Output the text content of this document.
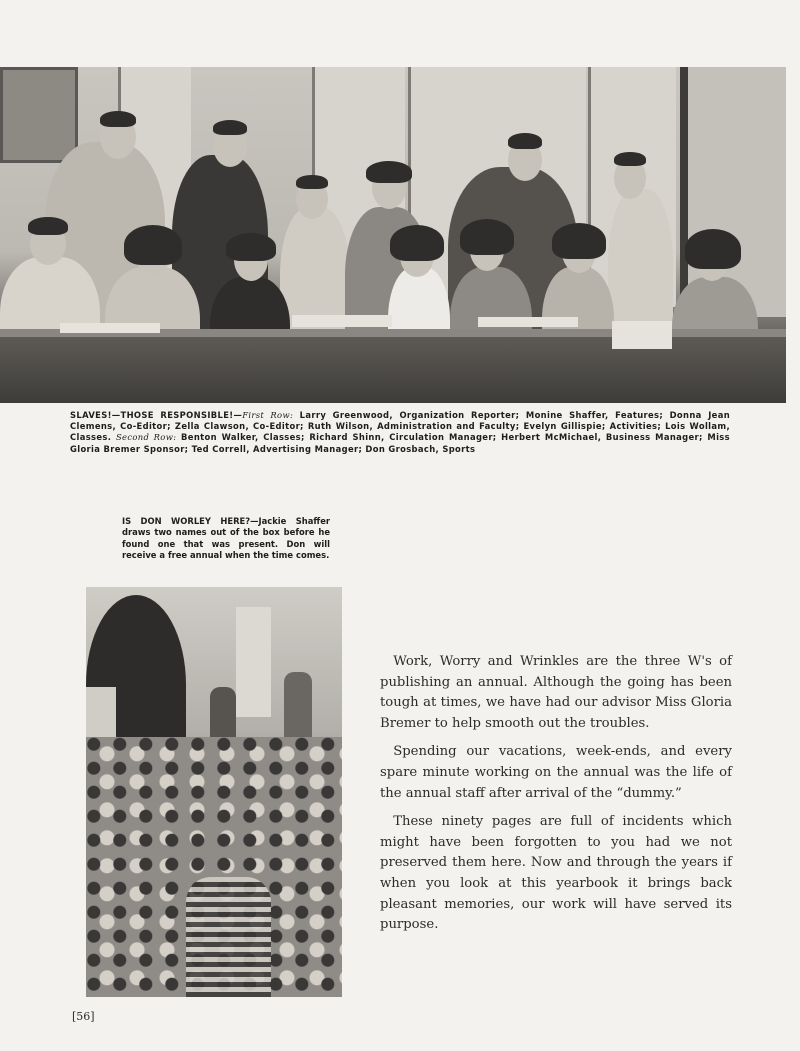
SLAVES!—THOSE RESPONSIBLE!—First Row: Larry Greenwood, Organization Reporter; Monine Shaffer, Features; Donna Jean Clemens, Co-Editor; Zella Clawson, Co-Editor; Ruth Wilson, Administration and Faculty; Evelyn Gillispie; Activities; Lois Wollam, Classes. Second Row: Benton Walker, Classes; Richard Shinn, Circulation Manager; Herbert McMichael, Business Manager; Miss Gloria Bremer Sponsor; Ted Correll, Advertising Manager; Don Grosbach, Sports
IS DON WORLEY HERE?—Jackie Shaffer draws two names out of the box before he found one that was present. Don will receive a free annual when the time comes.

Work, Worry and Wrinkles are the three W's of publishing an annual. Although the going has been tough at times, we have had our advisor Miss Gloria Bremer to help smooth out the troubles.

Spending our vacations, week-ends, and every spare minute working on the annual was the life of the annual staff after arrival of the “dummy.”

These ninety pages are full of incidents which might have been forgotten to you had we not preserved them here. Now and through the years if when you look at this yearbook it brings back pleasant memories, our work will have served its purpose.

[56]
